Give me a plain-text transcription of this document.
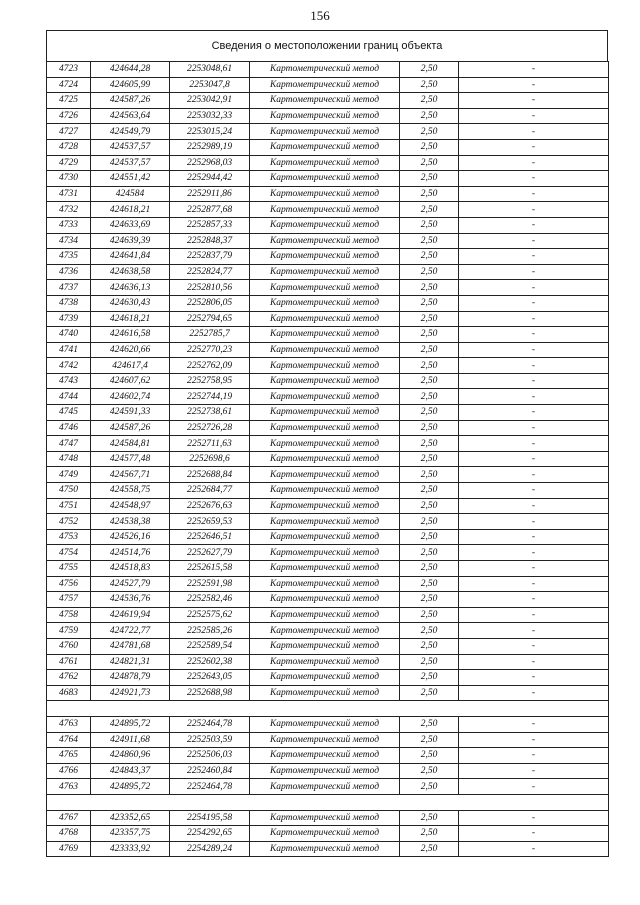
156
Сведения о местоположении границ объекта
4723	424644,28	2253048,61	Картометрический метод	2,50	-
4724	424605,99	2253047,8	Картометрический метод	2,50	-
4725	424587,26	2253042,91	Картометрический метод	2,50	-
4726	424563,64	2253032,33	Картометрический метод	2,50	-
4727	424549,79	2253015,24	Картометрический метод	2,50	-
4728	424537,57	2252989,19	Картометрический метод	2,50	-
4729	424537,57	2252968,03	Картометрический метод	2,50	-
4730	424551,42	2252944,42	Картометрический метод	2,50	-
4731	424584	2252911,86	Картометрический метод	2,50	-
4732	424618,21	2252877,68	Картометрический метод	2,50	-
4733	424633,69	2252857,33	Картометрический метод	2,50	-
4734	424639,39	2252848,37	Картометрический метод	2,50	-
4735	424641,84	2252837,79	Картометрический метод	2,50	-
4736	424638,58	2252824,77	Картометрический метод	2,50	-
4737	424636,13	2252810,56	Картометрический метод	2,50	-
4738	424630,43	2252806,05	Картометрический метод	2,50	-
4739	424618,21	2252794,65	Картометрический метод	2,50	-
4740	424616,58	2252785,7	Картометрический метод	2,50	-
4741	424620,66	2252770,23	Картометрический метод	2,50	-
4742	424617,4	2252762,09	Картометрический метод	2,50	-
4743	424607,62	2252758,95	Картометрический метод	2,50	-
4744	424602,74	2252744,19	Картометрический метод	2,50	-
4745	424591,33	2252738,61	Картометрический метод	2,50	-
4746	424587,26	2252726,28	Картометрический метод	2,50	-
4747	424584,81	2252711,63	Картометрический метод	2,50	-
4748	424577,48	2252698,6	Картометрический метод	2,50	-
4749	424567,71	2252688,84	Картометрический метод	2,50	-
4750	424558,75	2252684,77	Картометрический метод	2,50	-
4751	424548,97	2252676,63	Картометрический метод	2,50	-
4752	424538,38	2252659,53	Картометрический метод	2,50	-
4753	424526,16	2252646,51	Картометрический метод	2,50	-
4754	424514,76	2252627,79	Картометрический метод	2,50	-
4755	424518,83	2252615,58	Картометрический метод	2,50	-
4756	424527,79	2252591,98	Картометрический метод	2,50	-
4757	424536,76	2252582,46	Картометрический метод	2,50	-
4758	424619,94	2252575,62	Картометрический метод	2,50	-
4759	424722,77	2252585,26	Картометрический метод	2,50	-
4760	424781,68	2252589,54	Картометрический метод	2,50	-
4761	424821,31	2252602,38	Картометрический метод	2,50	-
4762	424878,79	2252643,05	Картометрический метод	2,50	-
4683	424921,73	2252688,98	Картометрический метод	2,50	-

4763	424895,72	2252464,78	Картометрический метод	2,50	-
4764	424911,68	2252503,59	Картометрический метод	2,50	-
4765	424860,96	2252506,03	Картометрический метод	2,50	-
4766	424843,37	2252460,84	Картометрический метод	2,50	-
4763	424895,72	2252464,78	Картометрический метод	2,50	-

4767	423352,65	2254195,58	Картометрический метод	2,50	-
4768	423357,75	2254292,65	Картометрический метод	2,50	-
4769	423333,92	2254289,24	Картометрический метод	2,50	-
